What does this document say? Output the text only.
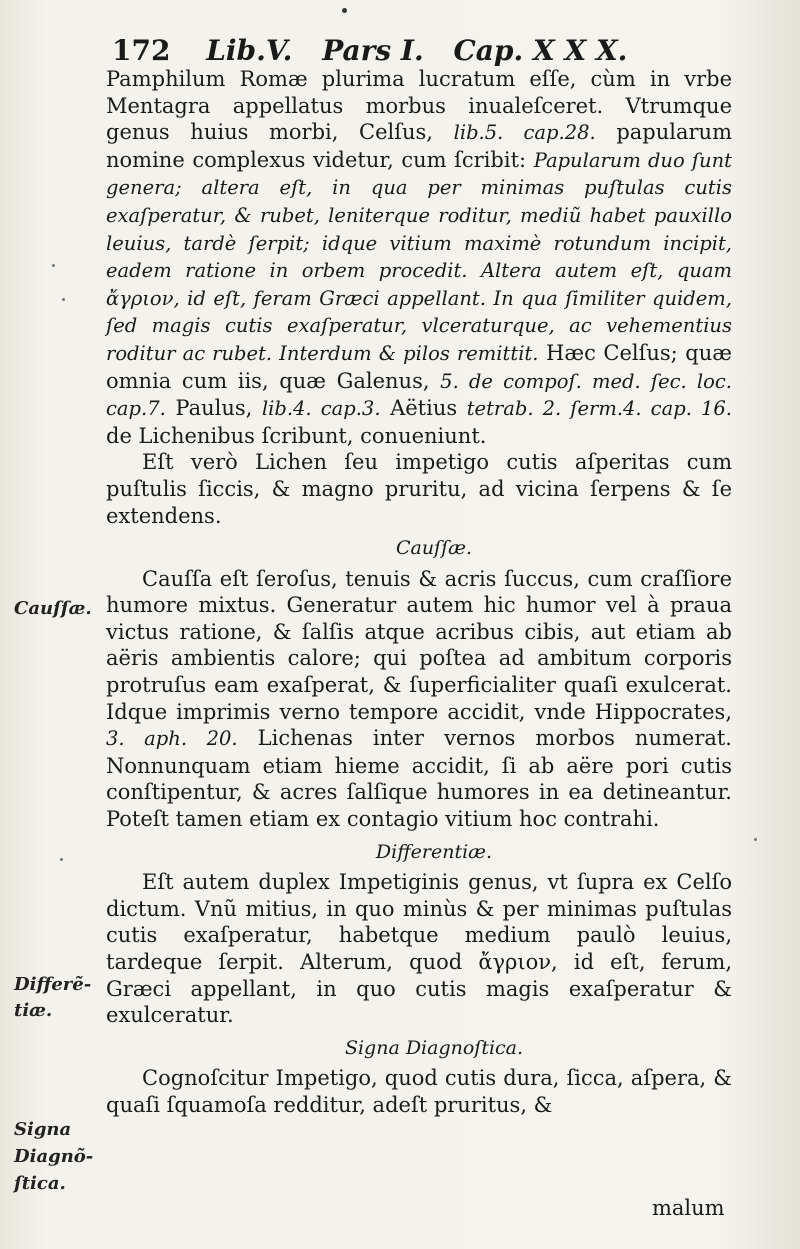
172 Lib.V. Pars I. Cap. X X X.

Pamphilum Romæ plurima lucratum eſſe, cùm in vrbe Mentagra appellatus morbus inualeſceret. Vtrumque genus huius morbi, Celſus, lib.5. cap.28. papularum nomine complexus videtur, cum ſcribit: Papularum duo ſunt genera; altera eſt, in qua per minimas puſtulas cutis exaſperatur, & rubet, leniterque roditur, mediũ habet pauxillo leuius, tardè ſerpit; idque vitium maximè rotundum incipit, eadem ratione in orbem procedit. Altera autem eſt, quam ἄγριον, id eſt, feram Græci appellant. In qua ſimiliter quidem, ſed magis cutis exaſperatur, vlceraturque, ac vehementius roditur ac rubet. Interdum & pilos remittit. Hæc Celſus; quæ omnia cum iis, quæ Galenus, 5. de compoſ. med. ſec. loc. cap.7. Paulus, lib.4. cap.3. Aëtius tetrab. 2. ſerm.4. cap. 16. de Lichenibus ſcribunt, conueniunt.

Eſt verò Lichen ſeu impetigo cutis aſperitas cum puſtulis ſiccis, & magno pruritu, ad vicina ſerpens & ſe extendens.

Cauſſæ.

Cauſſa eſt ſeroſus, tenuis & acris ſuccus, cum craſſiore humore mixtus. Generatur autem hic humor vel à praua victus ratione, & ſalſis atque acribus cibis, aut etiam ab aëris ambientis calore; qui poſtea ad ambitum corporis protruſus eam exaſperat, & ſuperficialiter quaſi exulcerat. Idque imprimis verno tempore accidit, vnde Hippocrates, 3. aph. 20. Lichenas inter vernos morbos numerat. Nonnunquam etiam hieme accidit, ſi ab aëre pori cutis conſtipentur, & acres ſalſique humores in ea detineantur. Poteſt tamen etiam ex contagio vitium hoc contrahi.

Differentiæ.

Eſt autem duplex Impetiginis genus, vt ſupra ex Celſo dictum. Vnũ mitius, in quo minùs & per minimas puſtulas cutis exaſperatur, habetque medium paulò leuius, tardeque ſerpit. Alterum, quod ἄγριον, id eſt, ferum, Græci appellant, in quo cutis magis exaſperatur & exulceratur.

Signa Diagnoſtica.

Cognoſcitur Impetigo, quod cutis dura, ſicca, aſpera, & quaſi ſquamoſa redditur, adeſt pruritus, &

Cauſſæ.
Differẽ-
tiæ.
Signa
Diagnõ-
ſtica.
malum
